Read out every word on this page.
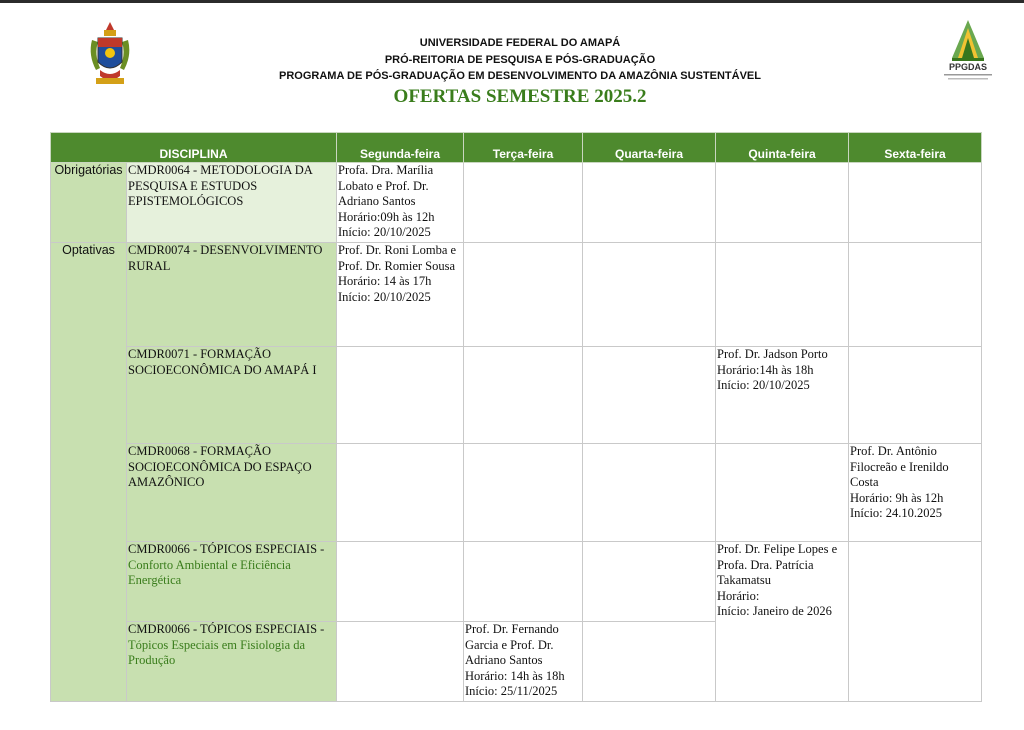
PPGDAS
UNIVERSIDADE FEDERAL DO AMAPÁ
PRÓ-REITORIA DE PESQUISA E PÓS-GRADUAÇÃO
PROGRAMA DE PÓS-GRADUAÇÃO EM DESENVOLVIMENTO DA AMAZÔNIA SUSTENTÁVEL
OFERTAS SEMESTRE 2025.2
DISCIPLINA		Segunda-feira	Terça-feira	Quarta-feira	Quinta-feira	Sexta-feira
Obrigatórias	CMDR0064 - METODOLOGIA DA PESQUISA E ESTUDOS EPISTEMOLÓGICOS	Profa. Dra. Marília Lobato e Prof. Dr. Adriano Santos
Horário:09h às 12h
Início: 20/10/2025				
Optativas	CMDR0074 - DESENVOLVIMENTO RURAL	Prof. Dr. Roni Lomba e
Prof. Dr. Romier Sousa
Horário: 14 às 17h
Início: 20/10/2025				
	CMDR0071 - FORMAÇÃO SOCIOECONÔMICA DO AMAPÁ I				Prof. Dr. Jadson Porto
Horário:14h às 18h
Início: 20/10/2025	
	CMDR0068 - FORMAÇÃO SOCIOECONÔMICA DO ESPAÇO AMAZÔNICO					Prof. Dr. Antônio Filocreão e Irenildo Costa
Horário: 9h às 12h
Início: 24.10.2025
	CMDR0066 - TÓPICOS ESPECIAIS - Conforto Ambiental e Eficiência Energética				Prof. Dr. Felipe Lopes e Profa. Dra. Patrícia Takamatsu
Horário:
Início: Janeiro de 2026	
	CMDR0066 - TÓPICOS ESPECIAIS - Tópicos Especiais em Fisiologia da Produção		Prof. Dr. Fernando Garcia e Prof. Dr. Adriano Santos
Horário: 14h às 18h
Início: 25/11/2025			
